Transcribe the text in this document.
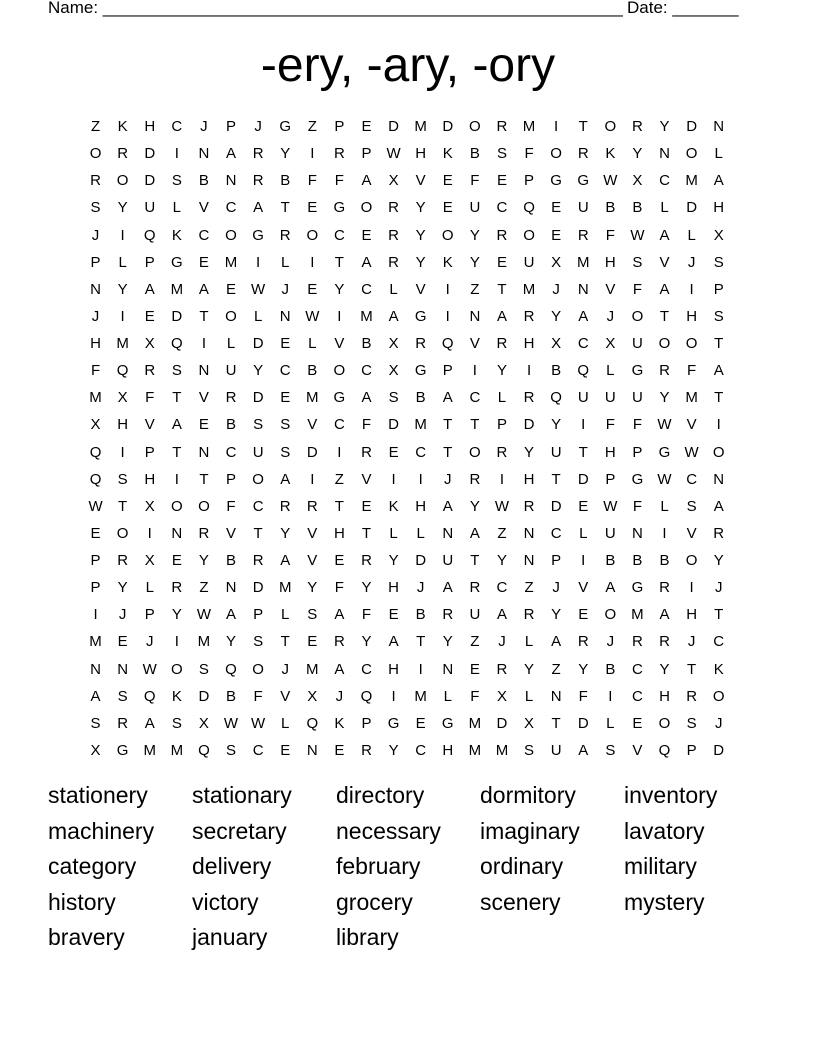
Name: _______________________________________________________ Date: _______
-ery, -ary, -ory
Z	K	H	C	J	P	J	G	Z	P	E	D	M	D	O	R	M	I	T	O	R	Y	D	N
O	R	D	I	N	A	R	Y	I	R	P	W H	K	B	S	F	O	R	K	Y	N	O	L
R	O	D	S	B	N	R	B	F	F	A	X	V	E	F	E	P	G	G W	X	C	M	A
S	Y	U	L	V	C	A	T	E	G	O	R	Y	E	U	C	Q	E	U	B	B	L	D	H
J	I	Q	K	C	O	G	R	O	C	E	R	Y	O	Y	R	O	E	R	F	W	A	L	X
P	L	P	G	E	M	I	L	I	T	A	R	Y	K	Y	E	U	X	M	H	S	V	J	S
N	Y	A	M	A	E	W	J	E	Y	C	L	V	I	Z	T	M	J	N	V	F	A	I	P
J	I	E	D	T	O	L	N W	I	M	A	G	I	N	A	R	Y	A	J	O	T	H	S
H	M	X	Q	I	L	D	E	L	V	B	X	R	Q	V	R	H	X	C	X	U	O	O	T
F	Q	R	S	N	U	Y	C	B	O	C	X	G	P	I	Y	I	B	Q	L	G	R	F	A
M	X	F	T	V	R	D	E	M	G	A	S	B	A	C	L	R	Q	U	U	U	Y	M	T
X	H	V	A	E	B	S	S	V	C	F	D	M	T	T	P	D	Y	I	F	F	W	V	I
Q	I	P	T	N	C	U	S	D	I	R	E	C	T	O	R	Y	U	T	H	P	G W O
Q	S	H	I	T	P	O	A	I	Z	V	I	I	J	R	I	H	T	D	P	G W C	N
W	T	X	O	O	F	C	R	R	T	E	K	H	A	Y	W R	D	E	W	F	L	S	A
E	O	I	N	R	V	T	Y	V	H	T	L	L	N	A	Z	N	C	L	U	N	I	V	R
P	R	X	E	Y	B	R	A	V	E	R	Y	D	U	T	Y	N	P	I	B	B	B	O	Y
P	Y	L	R	Z	N	D	M	Y	F	Y	H	J	A	R	C	Z	J	V	A	G	R	I	J
I	J	P	Y	W	A	P	L	S	A	F	E	B	R	U	A	R	Y	E	O	M	A	H	T
M	E	J	I	M	Y	S	T	E	R	Y	A	T	Y	Z	J	L	A	R	J	R	R	J	C
N	N W O	S	Q	O	J	M	A	C	H	I	N	E	R	Y	Z	Y	B	C	Y	T	K
A	S	Q	K	D	B	F	V	X	J	Q	I	M	L	F	X	L	N	F	I	C	H	R	O
S	R	A	S	X	W W	L	Q	K	P	G	E	G	M	D	X	T	D	L	E	O	S	J
X	G	M M	Q	S	C	E	N	E	R	Y	C	H	M M	S	U	A	S	V	Q	P	D
stationery	stationary	directory	dormitory	inventory
machinery	secretary	necessary	imaginary	lavatory
category	delivery	february	ordinary	military
history	victory	grocery	scenery	mystery
bravery	january	library
